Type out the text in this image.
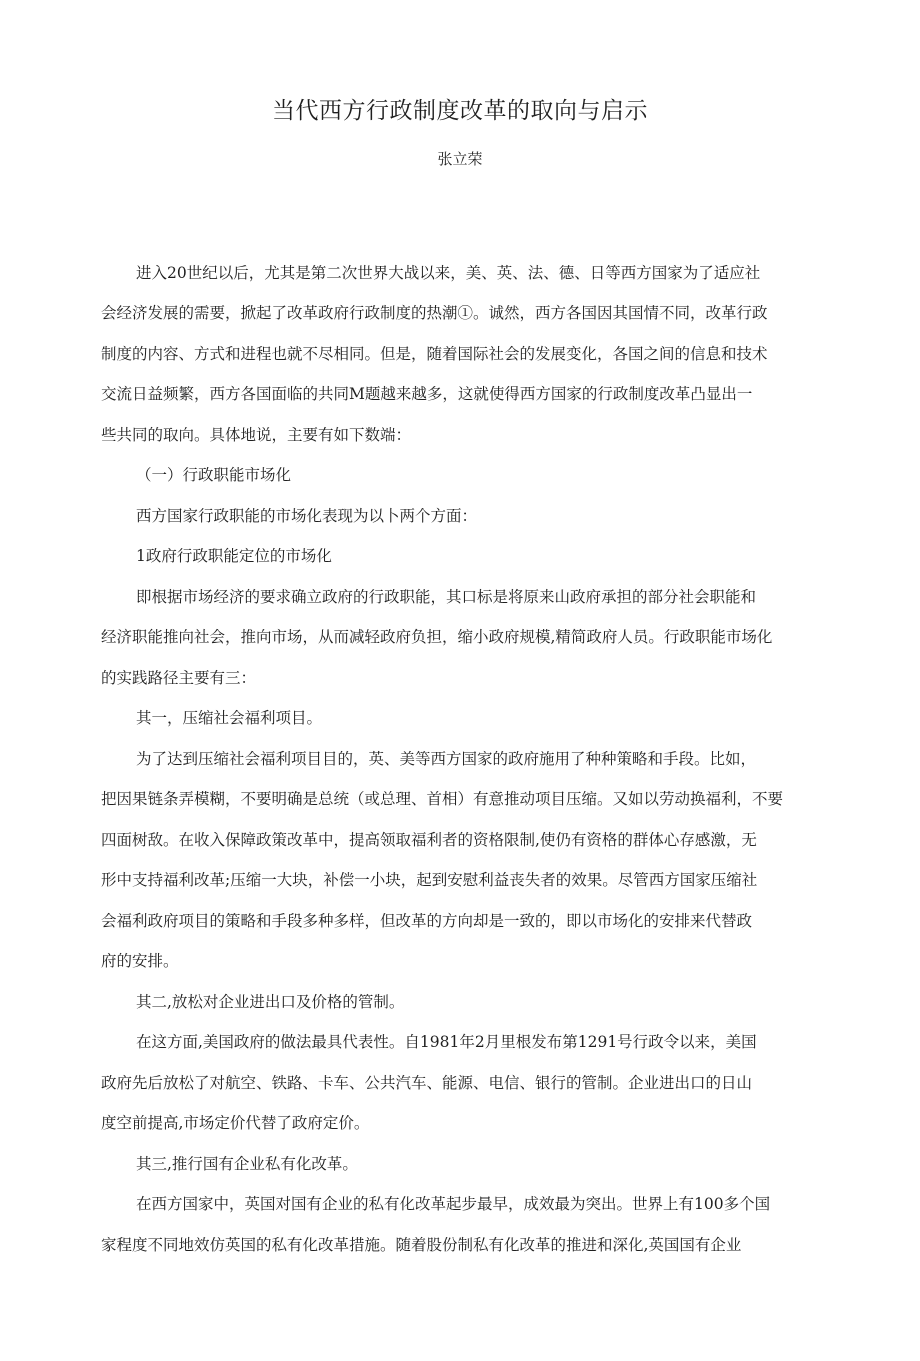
当代西方行政制度改革的取向与启示
张立荣
进入20世纪以后，尤其是第二次世界大战以来，美、英、法、德、日等西方国家为了适应社
会经济发展的需要，掀起了改革政府行政制度的热潮①。诚然，西方各国因其国情不同，改革行政
制度的内容、方式和进程也就不尽相同。但是，随着国际社会的发展变化，各国之间的信息和技术
交流日益频繁，西方各国面临的共同M题越来越多，这就使得西方国家的行政制度改革凸显出一
些共同的取向。具体地说，主要有如下数端：
（一）行政职能市场化
西方国家行政职能的市场化表现为以卜两个方面：
1政府行政职能定位的市场化
即根据市场经济的要求确立政府的行政职能，其口标是将原来山政府承担的部分社会职能和
经济职能推向社会，推向市场，从而减轻政府负担，缩小政府规模,精简政府人员。行政职能市场化
的实践路径主要有三：
其一，压缩社会福利项目。
为了达到压缩社会福利项目目的，英、美等西方国家的政府施用了种种策略和手段。比如，
把因果链条弄模糊，不要明确是总统（或总理、首相）有意推动项目压缩。又如以劳动换福利，不要
四面树敌。在收入保障政策改革中，提高领取福利者的资格限制,使仍有资格的群体心存感激，无
形中支持福利改革;压缩一大块，补偿一小块，起到安慰利益丧失者的效果。尽管西方国家压缩社
会福利政府项目的策略和手段多种多样，但改革的方向却是一致的，即以市场化的安排来代替政
府的安排。
其二,放松对企业进出口及价格的管制。
在这方面,美国政府的做法最具代表性。自1981年2月里根发布第1291号行政令以来，美国
政府先后放松了对航空、铁路、卡车、公共汽车、能源、电信、银行的管制。企业进出口的日山
度空前提高,市场定价代替了政府定价。
其三,推行国有企业私有化改革。
在西方国家中，英国对国有企业的私有化改革起步最早，成效最为突出。世界上有100多个国
家程度不同地效仿英国的私有化改革措施。随着股份制私有化改革的推进和深化,英国国有企业
